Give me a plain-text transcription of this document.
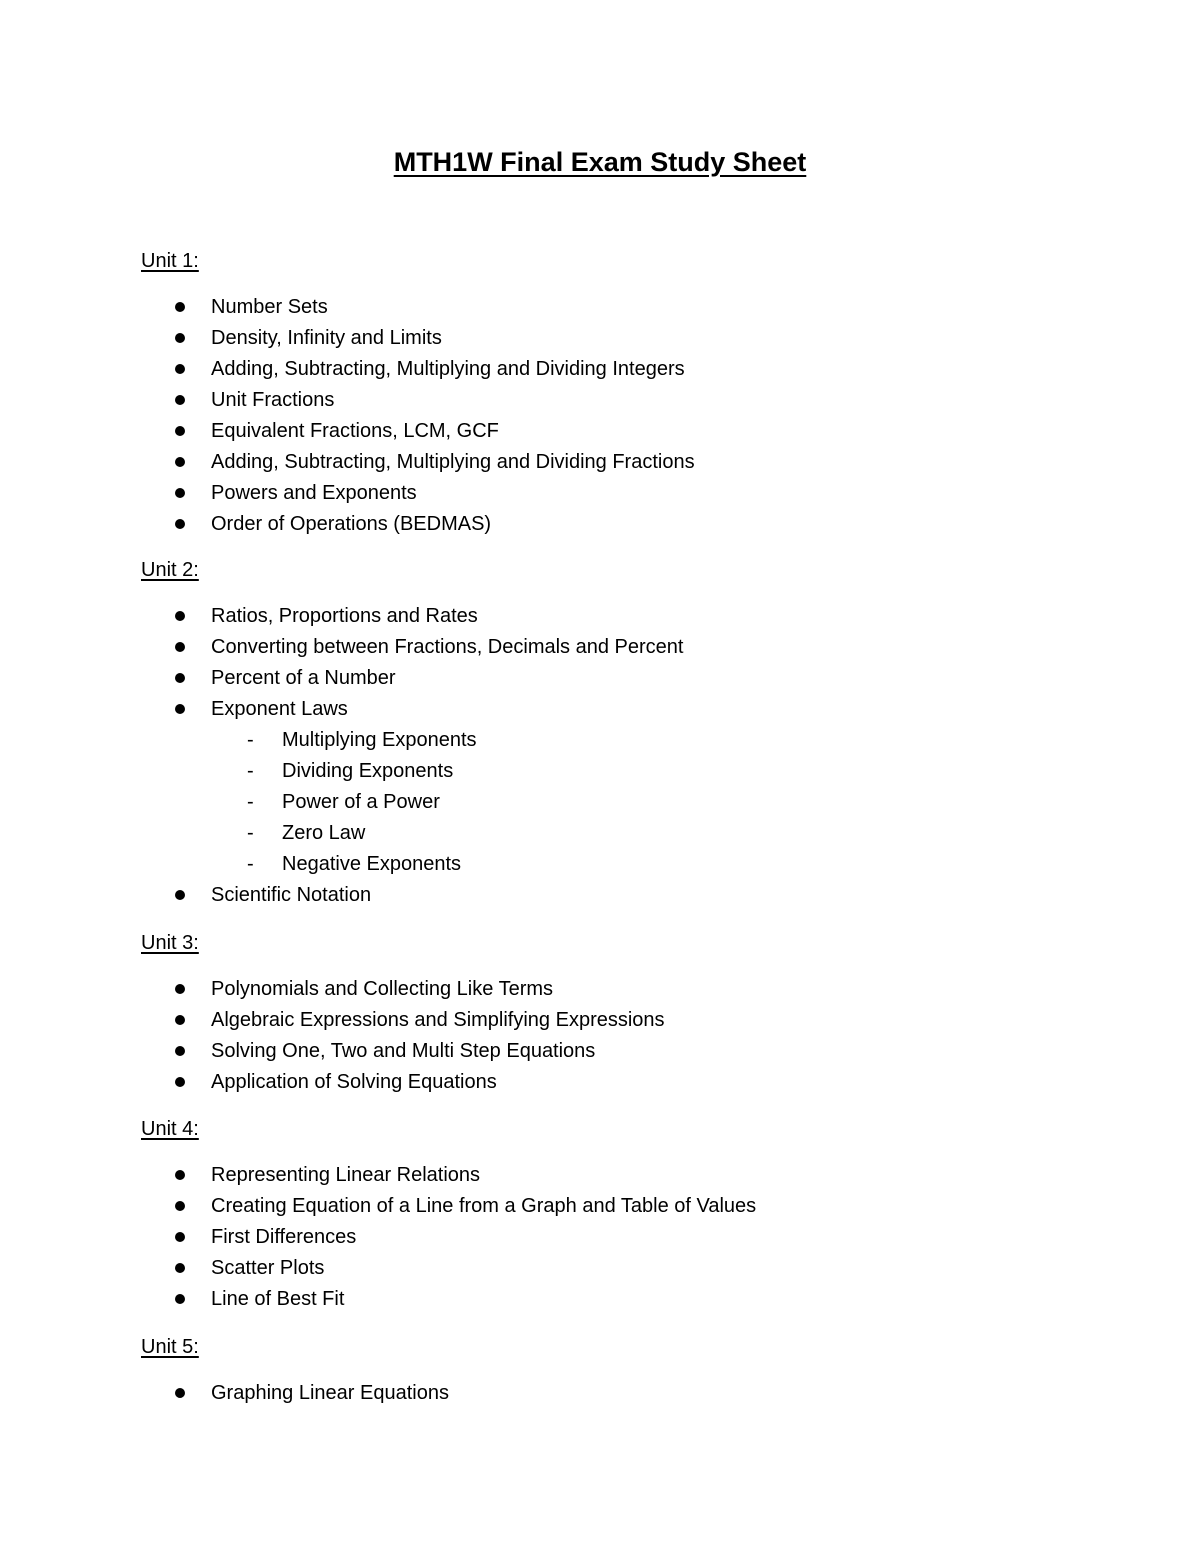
MTH1W Final Exam Study Sheet
Unit 1:
Number Sets
Density, Infinity and Limits
Adding, Subtracting, Multiplying and Dividing Integers
Unit Fractions
Equivalent Fractions, LCM, GCF
Adding, Subtracting, Multiplying and Dividing Fractions
Powers and Exponents
Order of Operations (BEDMAS)
Unit 2:
Ratios, Proportions and Rates
Converting between Fractions, Decimals and Percent
Percent of a Number
Exponent Laws
- Multiplying Exponents
- Dividing Exponents
- Power of a Power
- Zero Law
- Negative Exponents
Scientific Notation
Unit 3:
Polynomials and Collecting Like Terms
Algebraic Expressions and Simplifying Expressions
Solving One, Two and Multi Step Equations
Application of Solving Equations
Unit 4:
Representing Linear Relations
Creating Equation of a Line from a Graph and Table of Values
First Differences
Scatter Plots
Line of Best Fit
Unit 5:
Graphing Linear Equations
